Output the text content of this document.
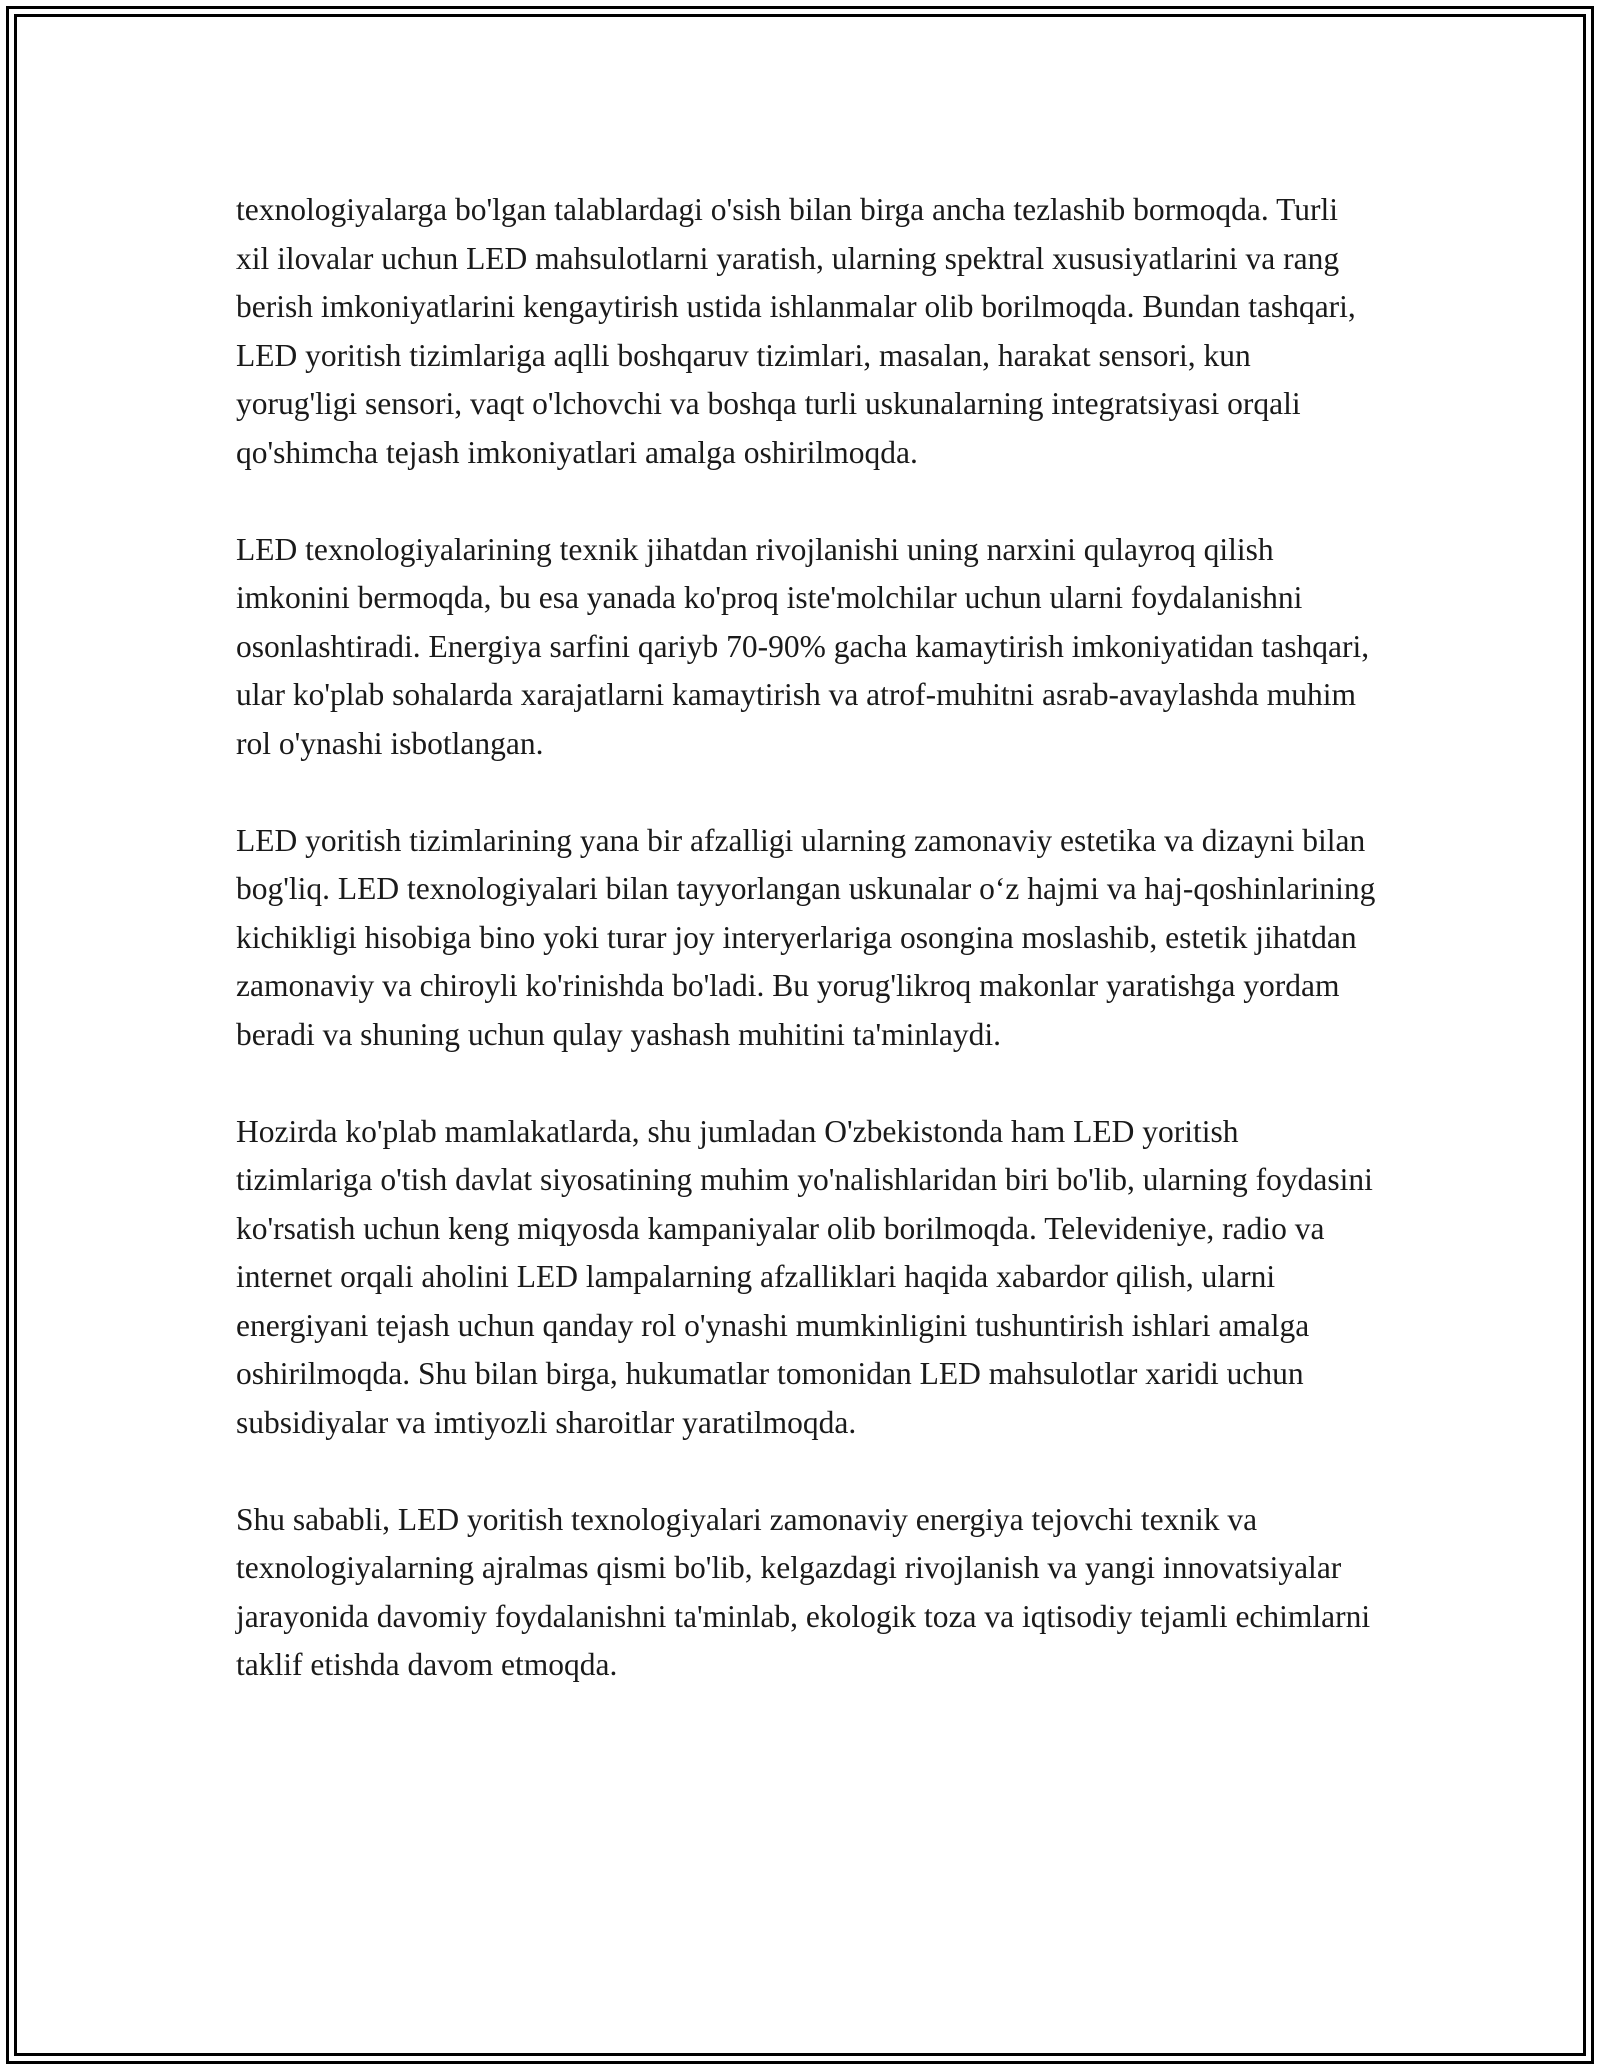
texnologiyalarga bo'lgan talablardagi o'sish bilan birga ancha tezlashib bormoqda. Turli xil ilovalar uchun LED mahsulotlarni yaratish, ularning spektral xususiyatlarini va rang berish imkoniyatlarini kengaytirish ustida ishlanmalar olib borilmoqda. Bundan tashqari, LED yoritish tizimlariga aqlli boshqaruv tizimlari, masalan, harakat sensori, kun yorug'ligi sensori, vaqt o'lchovchi va boshqa turli uskunalarning integratsiyasi orqali qo'shimcha tejash imkoniyatlari amalga oshirilmoqda.

LED texnologiyalarining texnik jihatdan rivojlanishi uning narxini qulayroq qilish imkonini bermoqda, bu esa yanada ko'proq iste'molchilar uchun ularni foydalanishni osonlashtiradi. Energiya sarfini qariyb 70-90% gacha kamaytirish imkoniyatidan tashqari, ular ko'plab sohalarda xarajatlarni kamaytirish va atrof-muhitni asrab-avaylashda muhim rol o'ynashi isbotlangan.

LED yoritish tizimlarining yana bir afzalligi ularning zamonaviy estetika va dizayni bilan bog'liq. LED texnologiyalari bilan tayyorlangan uskunalar o‘z hajmi va haj-qoshinlarining kichikligi hisobiga bino yoki turar joy interyerlariga osongina moslashib, estetik jihatdan zamonaviy va chiroyli ko'rinishda bo'ladi. Bu yorug'likroq makonlar yaratishga yordam beradi va shuning uchun qulay yashash muhitini ta'minlaydi.

Hozirda ko'plab mamlakatlarda, shu jumladan O'zbekistonda ham LED yoritish tizimlariga o'tish davlat siyosatining muhim yo'nalishlaridan biri bo'lib, ularning foydasini ko'rsatish uchun keng miqyosda kampaniyalar olib borilmoqda. Televideniye, radio va internet orqali aholini LED lampalarning afzalliklari haqida xabardor qilish, ularni energiyani tejash uchun qanday rol o'ynashi mumkinligini tushuntirish ishlari amalga oshirilmoqda. Shu bilan birga, hukumatlar tomonidan LED mahsulotlar xaridi uchun subsidiyalar va imtiyozli sharoitlar yaratilmoqda.

Shu sababli, LED yoritish texnologiyalari zamonaviy energiya tejovchi texnik va texnologiyalarning ajralmas qismi bo'lib, kelgazdagi rivojlanish va yangi innovatsiyalar jarayonida davomiy foydalanishni ta'minlab, ekologik toza va iqtisodiy tejamli echimlarni taklif etishda davom etmoqda.
